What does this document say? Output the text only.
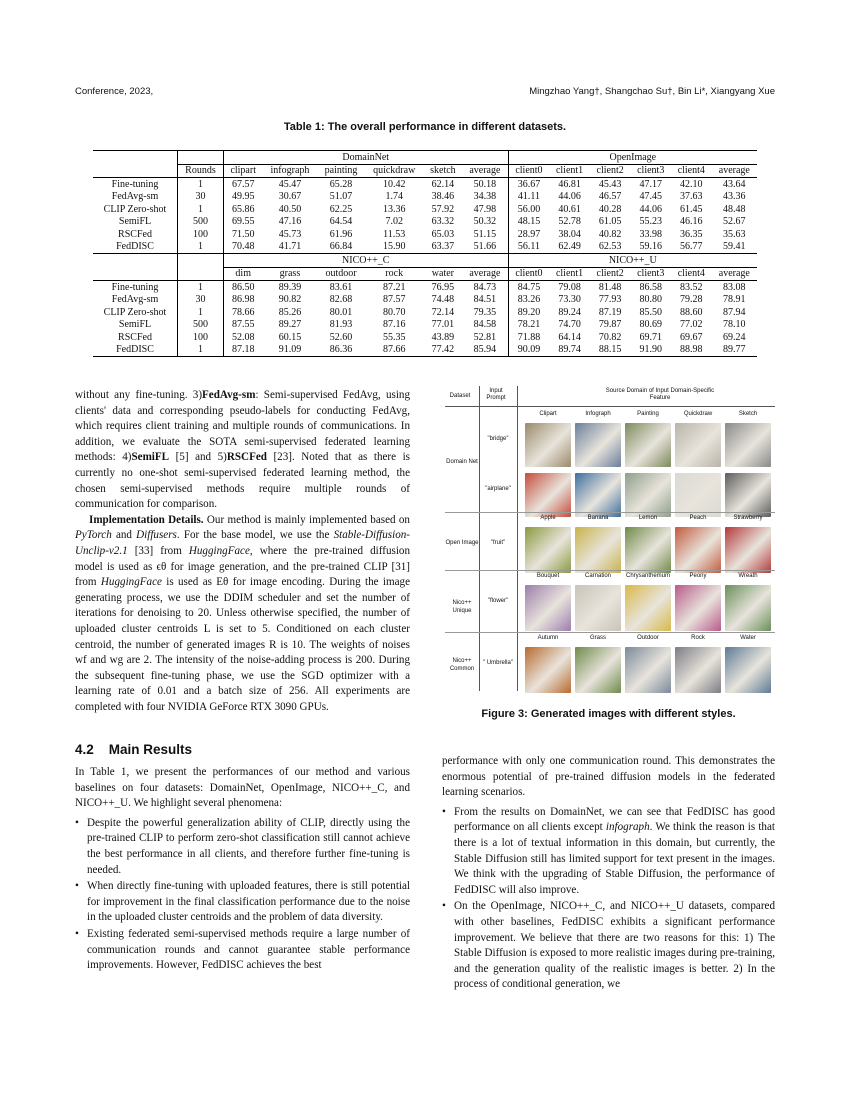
Conference, 2023,	Mingzhao Yang†, Shangchao Su†, Bin Li*, Xiangyang Xue
Table 1: The overall performance in different datasets.
		DomainNet						OpenImage					
	Rounds	clipart	infograph	painting	quickdraw	sketch	average	client0	client1	client2	client3	client4	average
Fine-tuning	1	67.57	45.47	65.28	10.42	62.14	50.18	36.67	46.81	45.43	47.17	42.10	43.64
FedAvg-sm	30	49.95	30.67	51.07	1.74	38.46	34.38	41.11	44.06	46.57	47.45	37.63	43.36
CLIP Zero-shot	1	65.86	40.50	62.25	13.36	57.92	47.98	56.00	40.61	40.28	44.06	61.45	48.48
SemiFL	500	69.55	47.16	64.54	7.02	63.32	50.32	48.15	52.78	61.05	55.23	46.16	52.67
RSCFed	100	71.50	45.73	61.96	11.53	65.03	51.15	28.97	38.04	40.82	33.98	36.35	35.63
FedDISC	1	70.48	41.71	66.84	15.90	63.37	51.66	56.11	62.49	62.53	59.16	56.77	59.41
		NICO++_C						NICO++_U					
		dim	grass	outdoor	rock	water	average	client0	client1	client2	client3	client4	average
Fine-tuning	1	86.50	89.39	83.61	87.21	76.95	84.73	84.75	79.08	81.48	86.58	83.52	83.08
FedAvg-sm	30	86.98	90.82	82.68	87.57	74.48	84.51	83.26	73.30	77.93	80.80	79.28	78.91
CLIP Zero-shot	1	78.66	85.26	80.01	80.70	72.14	79.35	89.20	89.24	87.19	85.50	88.60	87.94
SemiFL	500	87.55	89.27	81.93	87.16	77.01	84.58	78.21	74.70	79.87	80.69	77.02	78.10
RSCFed	100	52.08	60.15	52.60	55.35	43.89	52.81	71.88	64.14	70.82	69.71	69.67	69.24
FedDISC	1	87.18	91.09	86.36	87.66	77.42	85.94	90.09	89.74	88.15	91.90	88.98	89.77

without any fine-tuning. 3)FedAvg-sm: Semi-supervised FedAvg, using clients' data and corresponding pseudo-labels for conducting FedAvg, which requires client training and multiple rounds of communications. In addition, we evaluate the SOTA semi-supervised federated learning methods: 4)SemiFL [5] and 5)RSCFed [23]. Noted that as there is currently no one-shot semi-supervised federated learning method, the chosen semi-supervised methods require multiple rounds of communication for comparison.

Implementation Details. Our method is mainly implemented based on PyTorch and Diffusers. For the base model, we use the Stable-Diffusion-Unclip-v2.1 [33] from HuggingFace, where the pre-trained diffusion model is used as ϵθ for image generation, and the pre-trained CLIP [31] from HuggingFace is used as Eθ for image encoding. During the image generating process, we use the DDIM scheduler and set the number of iterations for denoising to 20. Unless otherwise specified, the number of uploaded cluster centroids L is set to 5. Conditioned on each cluster centroid, the number of generated images R is 10. The weights of noises wf and wg are 2. The intensity of the noise-adding process is 200. During the subsequent fine-tuning phase, we use the SGD optimizer with a learning rate of 0.01 and a batch size of 256. All experiments are completed with four NVIDIA GeForce RTX 3090 GPUs.

4.2    Main Results

In Table 1, we present the performances of our method and various baselines on four datasets: DomainNet, OpenImage, NICO++_C, and NICO++_U. We highlight several phenomena:

• Despite the powerful generalization ability of CLIP, directly using the pre-trained CLIP to perform zero-shot classification still cannot achieve the best performance in all clients, and therefore further fine-tuning is needed.
• When directly fine-tuning with uploaded features, there is still potential for improvement in the final classification performance due to the noise in the uploaded cluster centroids and the problem of data diversity.
• Existing federated semi-supervised methods require a large number of communication rounds and cannot guarantee stable performance improvements. However, FedDISC achieves the best

performance with only one communication round. This demonstrates the enormous potential of pre-trained diffusion models in the federated learning scenarios.

• From the results on DomainNet, we can see that FedDISC has good performance on all clients except infograph. We think the reason is that there is a lot of textual information in this domain, but currently, the Stable Diffusion still has limited support for text present in the images. We think with the upgrading of Stable Diffusion, the performance of FedDISC will also improve.
• On the OpenImage, NICO++_C, and NICO++_U datasets, compared with other baselines, FedDISC exhibits a significant performance improvement. We believe that there are two reasons for this: 1) The Stable Diffusion is exposed to more realistic images during pre-training, and the generation quality of the realistic images is better. 2) In the process of conditional generation, we
Dataset
Input Prompt
Source Domain of Input Domain-Specific Feature
Domain Net
Clipart	Infograph	Painting	Quickdraw	Sketch
"bridge"
"airplane"
Open Image
Apple	Banana	Lemon	Peach	Strawberry
"fruit"
Nico++ Unique
Bouquet	Carnation	Chrysanthemum	Peony	Wreath
"flower"
Nico++ Common
Autumn	Grass	Outdoor	Rock	Water
" Umbrella"
Figure 3: Generated images with different styles.
